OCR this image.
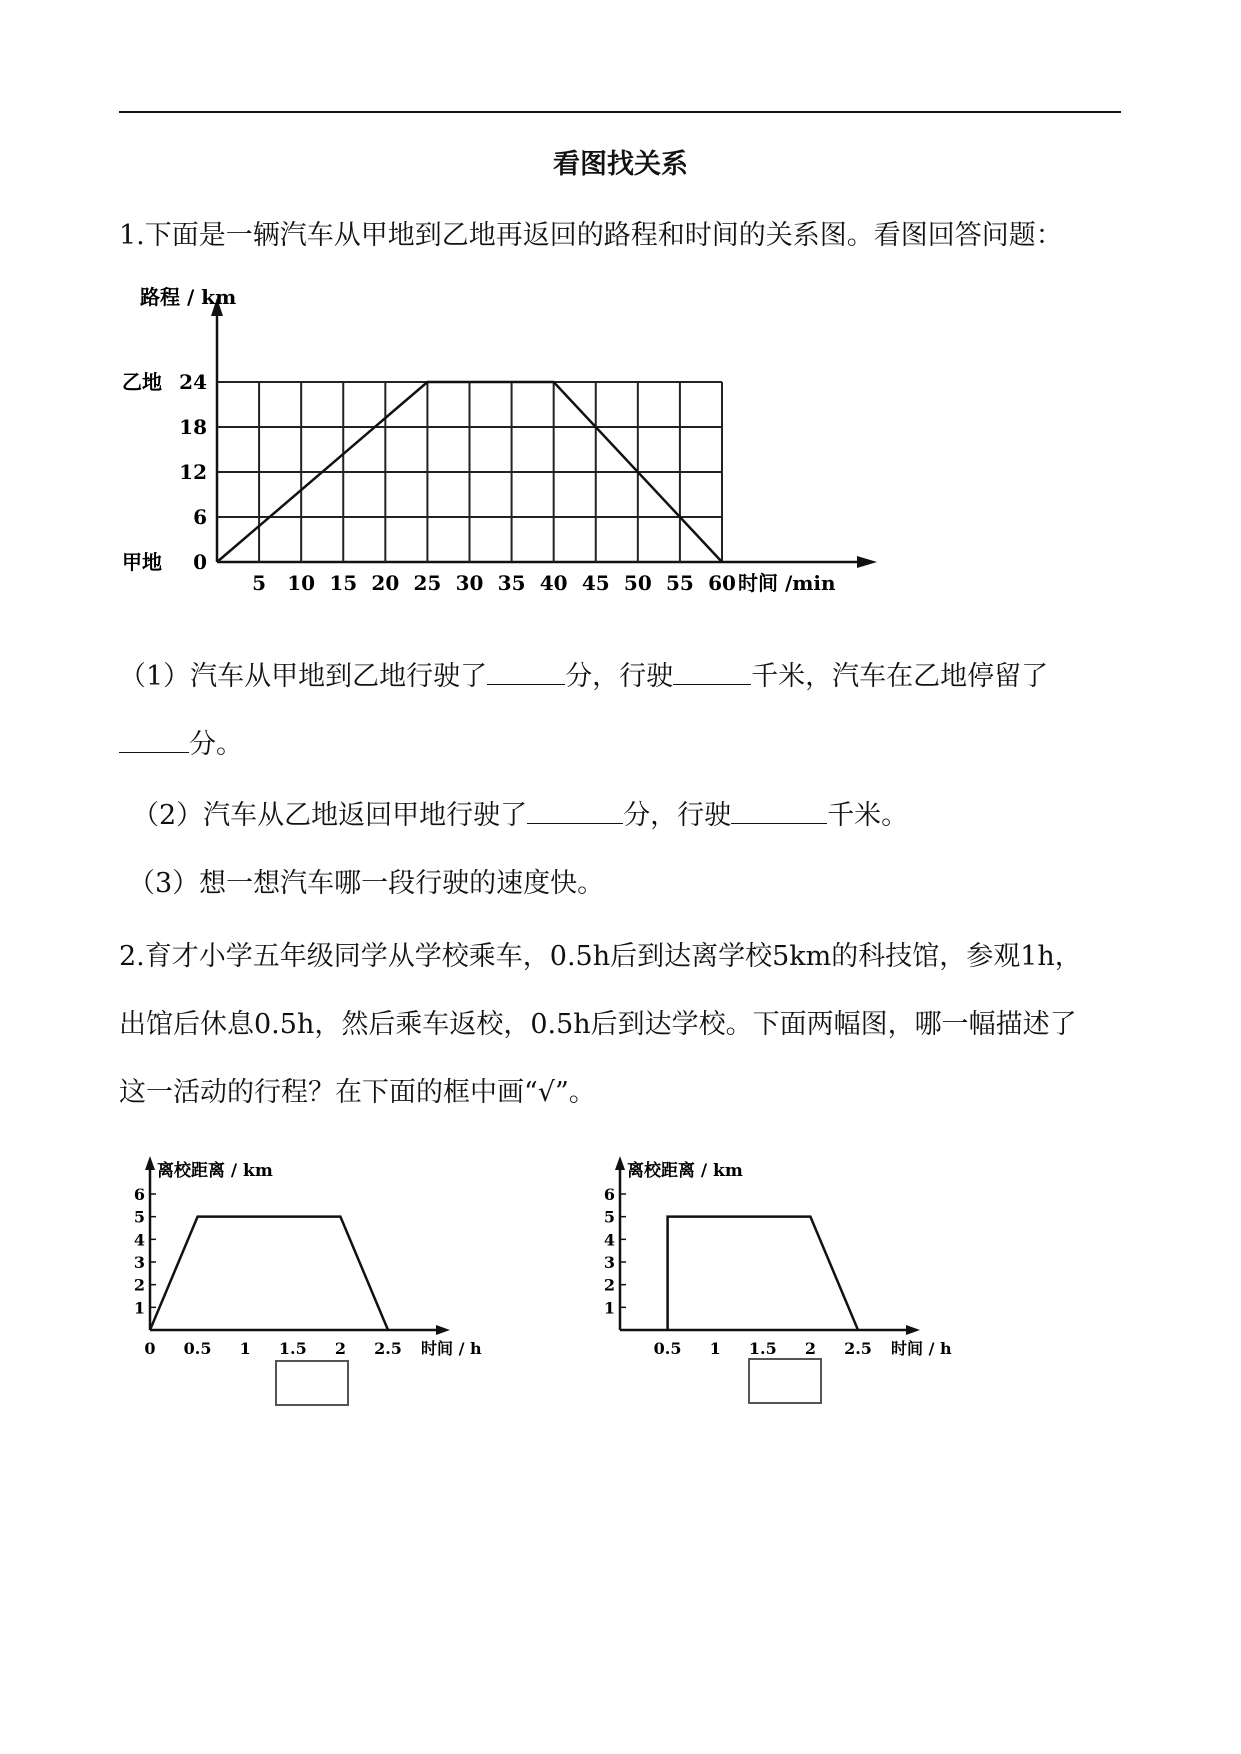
看图找关系
1.下面是一辆汽车从甲地到乙地再返回的路程和时间的关系图。看图回答问题：
5 10 15 20 25 30 35 40 45 50 55 60
0
6
12
18
24
甲地
乙地
路程 / km
时间 /min
（1）汽车从甲地到乙地行驶了	分，行驶	千米，汽车在乙地停留了
分。
（2）汽车从乙地返回甲地行驶了	分，行驶	千米。
（3）想一想汽车哪一段行驶的速度快。
2.育才小学五年级同学从学校乘车，0.5h后到达离学校5km的科技馆，参观1h，
出馆后休息0.5h，然后乘车返校，0.5h后到达学校。下面两幅图，哪一幅描述了
这一活动的行程？在下面的框中画“√”。
1
2
3
4
5
6
0 0.5 1 1.5 2 2.5
离校距离 / km
时间 / h
1
2
3
4
5
6
0.5 1 1.5 2 2.5
离校距离 / km
时间 / h
